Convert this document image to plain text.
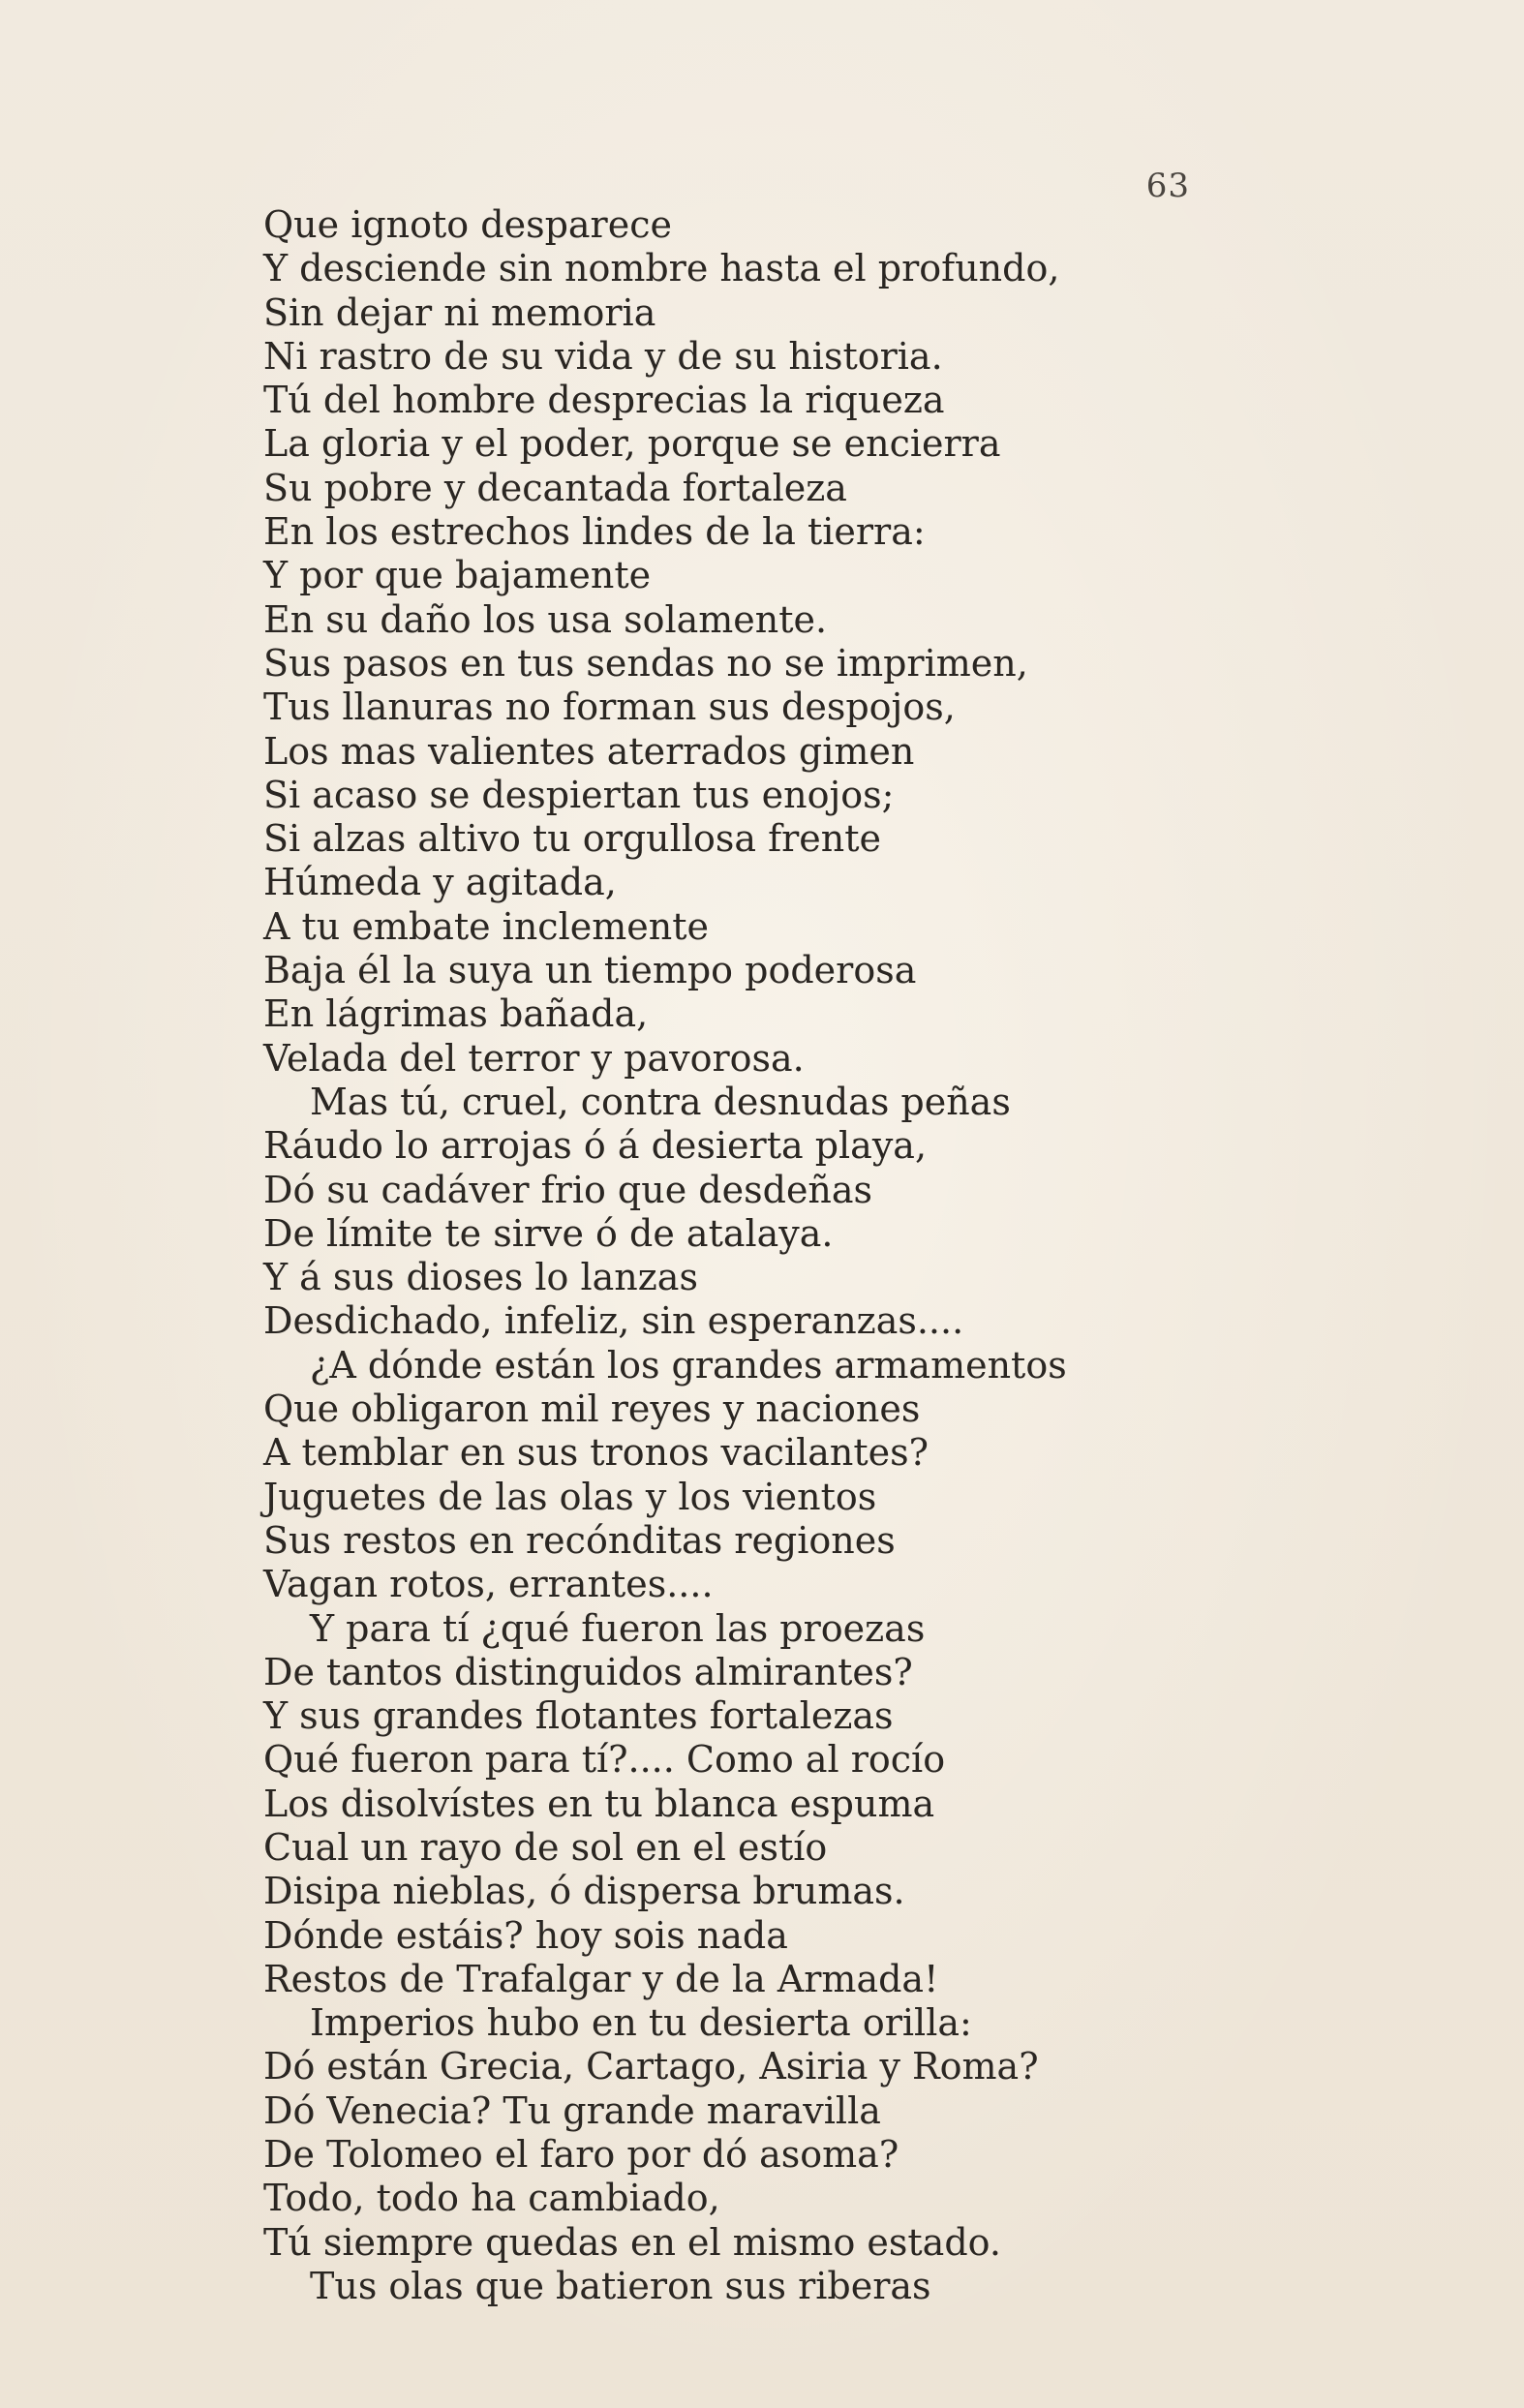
63
Que ignoto desparece
Y desciende sin nombre hasta el profundo,
Sin dejar ni memoria
Ni rastro de su vida y de su historia.
Tú del hombre desprecias la riqueza
La gloria y el poder, porque se encierra
Su pobre y decantada fortaleza
En los estrechos lindes de la tierra:
Y por que bajamente
En su daño los usa solamente.
Sus pasos en tus sendas no se imprimen,
Tus llanuras no forman sus despojos,
Los mas valientes aterrados gimen
Si acaso se despiertan tus enojos;
Si alzas altivo tu orgullosa frente
Húmeda y agitada,
A tu embate inclemente
Baja él la suya un tiempo poderosa
En lágrimas bañada,
Velada del terror y pavorosa.
Mas tú, cruel, contra desnudas peñas
Ráudo lo arrojas ó á desierta playa,
Dó su cadáver frio que desdeñas
De límite te sirve ó de atalaya.
Y á sus dioses lo lanzas
Desdichado, infeliz, sin esperanzas....
¿A dónde están los grandes armamentos
Que obligaron mil reyes y naciones
A temblar en sus tronos vacilantes?
Juguetes de las olas y los vientos
Sus restos en recónditas regiones
Vagan rotos, errantes....
Y para tí ¿qué fueron las proezas
De tantos distinguidos almirantes?
Y sus grandes flotantes fortalezas
Qué fueron para tí?.... Como al rocío
Los disolvístes en tu blanca espuma
Cual un rayo de sol en el estío
Disipa nieblas, ó dispersa brumas.
Dónde estáis? hoy sois nada
Restos de Trafalgar y de la Armada!
Imperios hubo en tu desierta orilla:
Dó están Grecia, Cartago, Asiria y Roma?
Dó Venecia? Tu grande maravilla
De Tolomeo el faro por dó asoma?
Todo, todo ha cambiado,
Tú siempre quedas en el mismo estado.
Tus olas que batieron sus riberas
